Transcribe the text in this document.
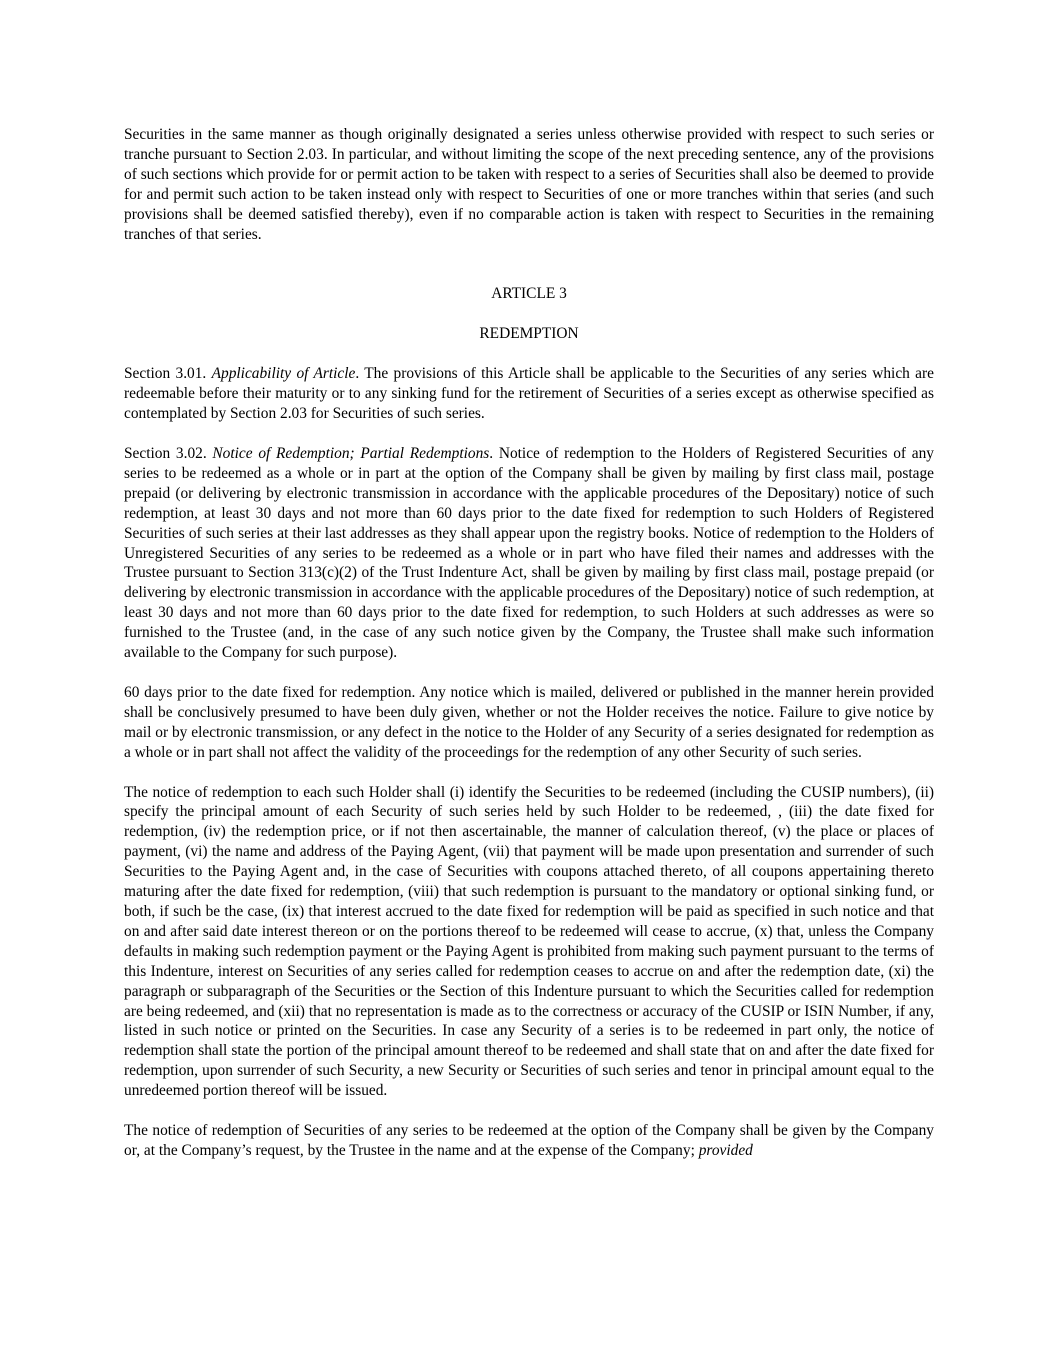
Securities in the same manner as though originally designated a series unless otherwise provided with respect to such series or tranche pursuant to Section 2.03. In particular, and without limiting the scope of the next preceding sentence, any of the provisions of such sections which provide for or permit action to be taken with respect to a series of Securities shall also be deemed to provide for and permit such action to be taken instead only with respect to Securities of one or more tranches within that series (and such provisions shall be deemed satisfied thereby), even if no comparable action is taken with respect to Securities in the remaining tranches of that series.

ARTICLE 3
REDEMPTION

Section 3.01. Applicability of Article. The provisions of this Article shall be applicable to the Securities of any series which are redeemable before their maturity or to any sinking fund for the retirement of Securities of a series except as otherwise specified as contemplated by Section 2.03 for Securities of such series.

Section 3.02. Notice of Redemption; Partial Redemptions. Notice of redemption to the Holders of Registered Securities of any series to be redeemed as a whole or in part at the option of the Company shall be given by mailing by first class mail, postage prepaid (or delivering by electronic transmission in accordance with the applicable procedures of the Depositary) notice of such redemption, at least 30 days and not more than 60 days prior to the date fixed for redemption to such Holders of Registered Securities of such series at their last addresses as they shall appear upon the registry books. Notice of redemption to the Holders of Unregistered Securities of any series to be redeemed as a whole or in part who have filed their names and addresses with the Trustee pursuant to Section 313(c)(2) of the Trust Indenture Act, shall be given by mailing by first class mail, postage prepaid (or delivering by electronic transmission in accordance with the applicable procedures of the Depositary) notice of such redemption, at least 30 days and not more than 60 days prior to the date fixed for redemption, to such Holders at such addresses as were so furnished to the Trustee (and, in the case of any such notice given by the Company, the Trustee shall make such information available to the Company for such purpose).

60 days prior to the date fixed for redemption. Any notice which is mailed, delivered or published in the manner herein provided shall be conclusively presumed to have been duly given, whether or not the Holder receives the notice. Failure to give notice by mail or by electronic transmission, or any defect in the notice to the Holder of any Security of a series designated for redemption as a whole or in part shall not affect the validity of the proceedings for the redemption of any other Security of such series.

The notice of redemption to each such Holder shall (i) identify the Securities to be redeemed (including the CUSIP numbers), (ii) specify the principal amount of each Security of such series held by such Holder to be redeemed, , (iii) the date fixed for redemption, (iv) the redemption price, or if not then ascertainable, the manner of calculation thereof, (v) the place or places of payment, (vi) the name and address of the Paying Agent, (vii) that payment will be made upon presentation and surrender of such Securities to the Paying Agent and, in the case of Securities with coupons attached thereto, of all coupons appertaining thereto maturing after the date fixed for redemption, (viii) that such redemption is pursuant to the mandatory or optional sinking fund, or both, if such be the case, (ix) that interest accrued to the date fixed for redemption will be paid as specified in such notice and that on and after said date interest thereon or on the portions thereof to be redeemed will cease to accrue, (x) that, unless the Company defaults in making such redemption payment or the Paying Agent is prohibited from making such payment pursuant to the terms of this Indenture, interest on Securities of any series called for redemption ceases to accrue on and after the redemption date, (xi) the paragraph or subparagraph of the Securities or the Section of this Indenture pursuant to which the Securities called for redemption are being redeemed, and (xii) that no representation is made as to the correctness or accuracy of the CUSIP or ISIN Number, if any, listed in such notice or printed on the Securities. In case any Security of a series is to be redeemed in part only, the notice of redemption shall state the portion of the principal amount thereof to be redeemed and shall state that on and after the date fixed for redemption, upon surrender of such Security, a new Security or Securities of such series and tenor in principal amount equal to the unredeemed portion thereof will be issued.

The notice of redemption of Securities of any series to be redeemed at the option of the Company shall be given by the Company or, at the Company’s request, by the Trustee in the name and at the expense of the Company; provided
